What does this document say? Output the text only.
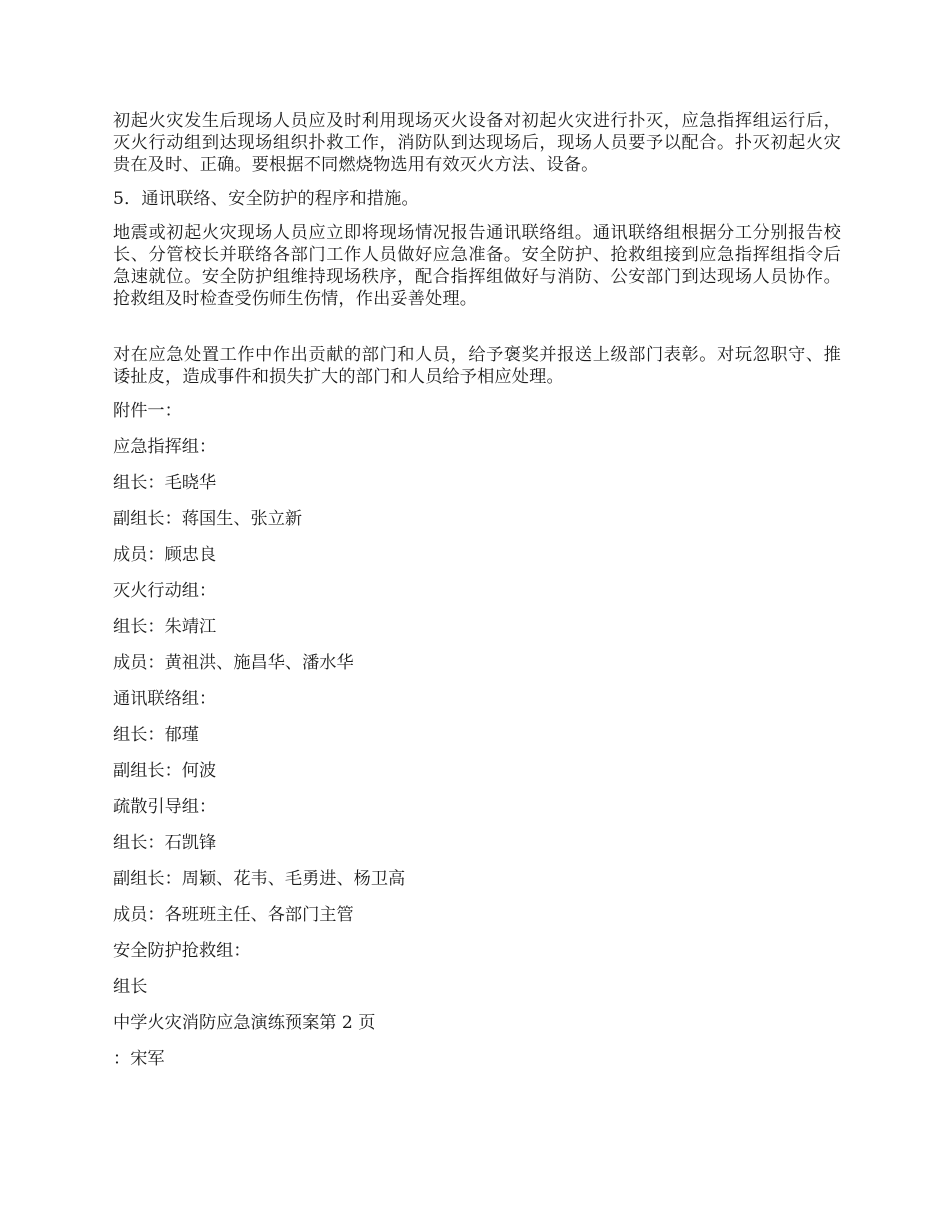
初起火灾发生后现场人员应及时利用现场灭火设备对初起火灾进行扑灭，应急指挥组运行后，灭火行动组到达现场组织扑救工作，消防队到达现场后，现场人员要予以配合。扑灭初起火灾贵在及时、正确。要根据不同燃烧物选用有效灭火方法、设备。

5．通讯联络、安全防护的程序和措施。

地震或初起火灾现场人员应立即将现场情况报告通讯联络组。通讯联络组根据分工分别报告校长、分管校长并联络各部门工作人员做好应急准备。安全防护、抢救组接到应急指挥组指令后急速就位。安全防护组维持现场秩序，配合指挥组做好与消防、公安部门到达现场人员协作。抢救组及时检查受伤师生伤情，作出妥善处理。

对在应急处置工作中作出贡献的部门和人员，给予褒奖并报送上级部门表彰。对玩忽职守、推诿扯皮，造成事件和损失扩大的部门和人员给予相应处理。

附件一：

应急指挥组：

组长：毛晓华

副组长：蒋国生、张立新

成员：顾忠良

灭火行动组：

组长：朱靖江

成员：黄祖洪、施昌华、潘水华

通讯联络组：

组长：郁瑾

副组长：何波

疏散引导组：

组长：石凯锋

副组长：周颖、花韦、毛勇进、杨卫高

成员：各班班主任、各部门主管

安全防护抢救组：

组长

中学火灾消防应急演练预案第 2 页

：宋军
